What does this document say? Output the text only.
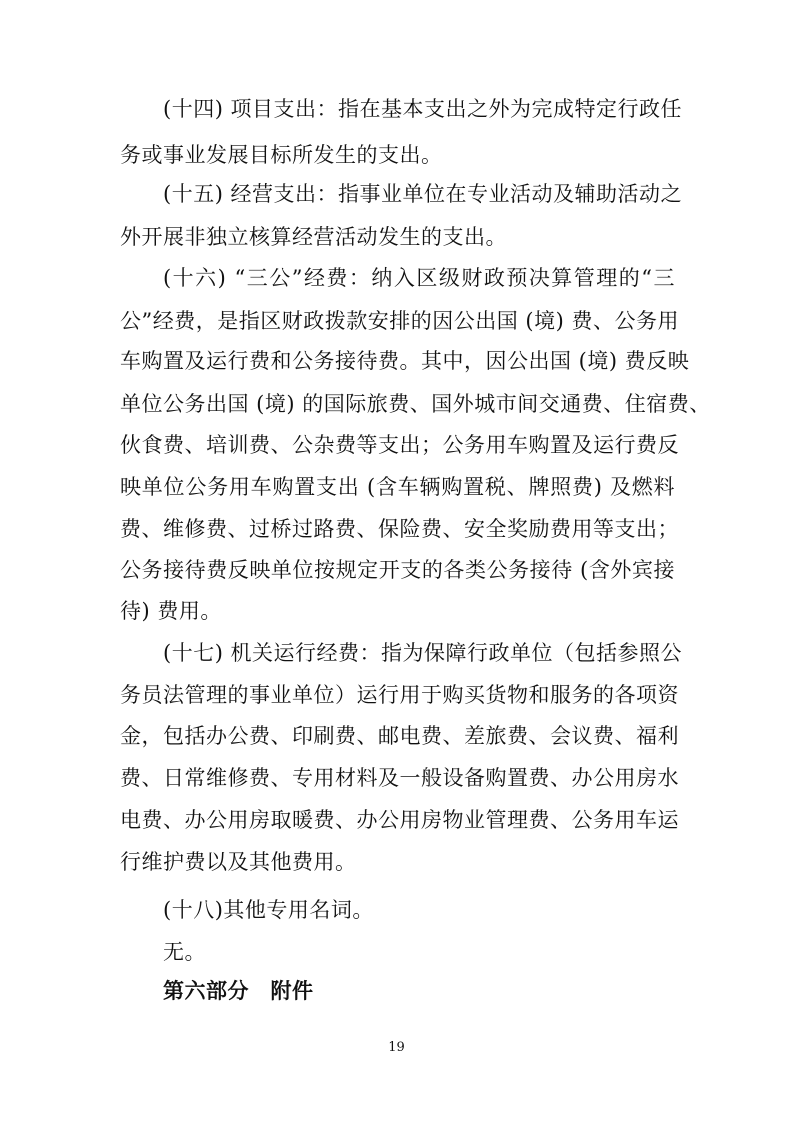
(十四) 项目支出：指在基本支出之外为完成特定行政任
务或事业发展目标所发生的支出。
(十五) 经营支出：指事业单位在专业活动及辅助活动之
外开展非独立核算经营活动发生的支出。
(十六) “三公”经费：纳入区级财政预决算管理的“三
公”经费，是指区财政拨款安排的因公出国 (境) 费、公务用
车购置及运行费和公务接待费。其中，因公出国 (境) 费反映
单位公务出国 (境) 的国际旅费、国外城市间交通费、住宿费、
伙食费、培训费、公杂费等支出；公务用车购置及运行费反
映单位公务用车购置支出 (含车辆购置税、牌照费) 及燃料
费、维修费、过桥过路费、保险费、安全奖励费用等支出；
公务接待费反映单位按规定开支的各类公务接待 (含外宾接
待) 费用。
(十七) 机关运行经费：指为保障行政单位（包括参照公
务员法管理的事业单位）运行用于购买货物和服务的各项资
金，包括办公费、印刷费、邮电费、差旅费、会议费、福利
费、日常维修费、专用材料及一般设备购置费、办公用房水
电费、办公用房取暖费、办公用房物业管理费、公务用车运
行维护费以及其他费用。
(十八)其他专用名词。
无。
第六部分　附件
19
